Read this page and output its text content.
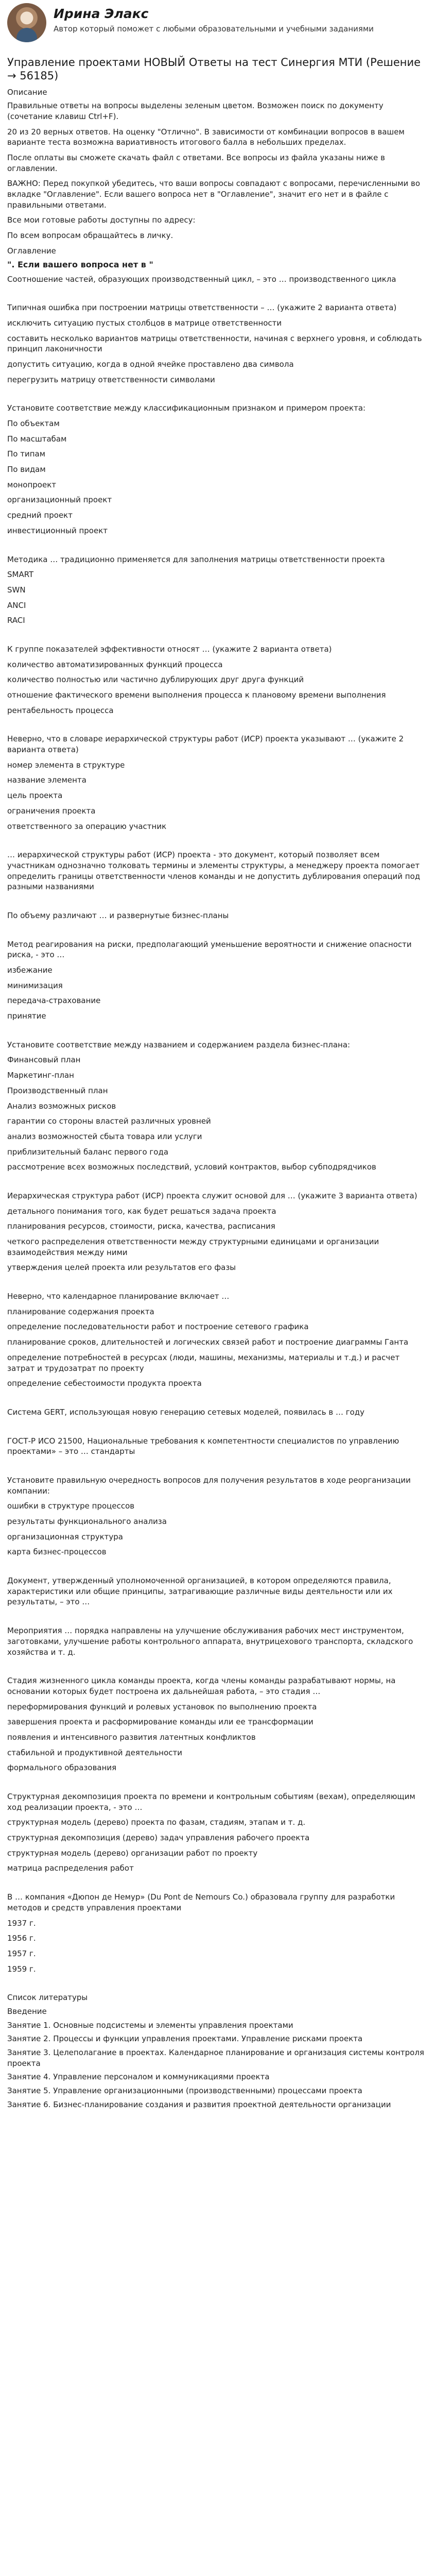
Ирина Элакс
Автор который поможет с любыми образовательными и учебными заданиями
Управление проектами НОВЫЙ Ответы на тест Синергия МТИ (Решение → 56185)
Описание

Правильные ответы на вопросы выделены зеленым цветом. Возможен поиск по документу (сочетание клавиш Ctrl+F).

20 из 20 верных ответов. На оценку "Отлично". В зависимости от комбинации вопросов в вашем варианте теста возможна вариативность итогового балла в небольших пределах.

После оплаты вы сможете скачать файл с ответами. Все вопросы из файла указаны ниже в оглавлении.

ВАЖНО: Перед покупкой убедитесь, что ваши вопросы совпадают с вопросами, перечисленными во вкладке "Оглавление". Если вашего вопроса нет в "Оглавление", значит его нет и в файле с правильными ответами.

Все мои готовые работы доступны по адресу:

По всем вопросам обращайтесь в личку.

Оглавление
". Если вашего вопроса нет в "
Соотношение частей, образующих производственный цикл, – это … производственного цикла
Типичная ошибка при построении матрицы ответственности – … (укажите 2 варианта ответа)
исключить ситуацию пустых столбцов в матрице ответственности
составить несколько вариантов матрицы ответственности, начиная с верхнего уровня, и соблюдать принцип лаконичности
допустить ситуацию, когда в одной ячейке проставлено два символа
перегрузить матрицу ответственности символами
Установите соответствие между классификационным признаком и примером проекта:
По объектам
По масштабам
По типам
По видам
монопроект
организационный проект
средний проект
инвестиционный проект
Методика … традиционно применяется для заполнения матрицы ответственности проекта
SMART
SWN
ANCI
RACI
К группе показателей эффективности относят … (укажите 2 варианта ответа)
количество автоматизированных функций процесса
количество полностью или частично дублирующих друг друга функций
отношение фактического времени выполнения процесса к плановому времени выполнения
рентабельность процесса
Неверно, что в словаре иерархической структуры работ (ИСР) проекта указывают … (укажите 2 варианта ответа)
номер элемента в структуре
название элемента
цель проекта
ограничения проекта
ответственного за операцию участник
… иерархической структуры работ (ИСР) проекта - это документ, который позволяет всем участникам однозначно толковать термины и элементы структуры, а менеджеру проекта помогает определить границы ответственности членов команды и не допустить дублирования операций под разными названиями
По объему различают … и развернутые бизнес-планы
Метод реагирования на риски, предполагающий уменьшение вероятности и снижение опасности риска, - это …
избежание
минимизация
передача-страхование
принятие
Установите соответствие между названием и содержанием раздела бизнес-плана:
Финансовый план
Маркетинг-план
Производственный план
Анализ возможных рисков
гарантии со стороны властей различных уровней
анализ возможностей сбыта товара или услуги
приблизительный баланс первого года
рассмотрение всех возможных последствий, условий контрактов, выбор субподрядчиков
Иерархическая структура работ (ИСР) проекта служит основой для … (укажите 3 варианта ответа)
детального понимания того, как будет решаться задача проекта
планирования ресурсов, стоимости, риска, качества, расписания
четкого распределения ответственности между структурными единицами и организации взаимодействия между ними
утверждения целей проекта или результатов его фазы
Неверно, что календарное планирование включает …
планирование содержания проекта
определение последовательности работ и построение сетевого графика
планирование сроков, длительностей и логических связей работ и построение диаграммы Ганта
определение потребностей в ресурсах (люди, машины, механизмы, материалы и т.д.) и расчет затрат и трудозатрат по проекту
определение себестоимости продукта проекта
Система GERT, использующая новую генерацию сетевых моделей, появилась в … году
ГОСТ-Р ИСО 21500, Национальные требования к компетентности специалистов по управлению проектами» – это … стандарты
Установите правильную очередность вопросов для получения результатов в ходе реорганизации компании:
ошибки в структуре процессов
результаты функционального анализа
организационная структура
карта бизнес-процессов
Документ, утвержденный уполномоченной организацией, в котором определяются правила, характеристики или общие принципы, затрагивающие различные виды деятельности или их результаты, – это …
Мероприятия … порядка направлены на улучшение обслуживания рабочих мест инструментом, заготовками, улучшение работы контрольного аппарата, внутрицехового транспорта, складского хозяйства и т. д.
Стадия жизненного цикла команды проекта, когда члены команды разрабатывают нормы, на основании которых будет построена их дальнейшая работа, – это стадия …
переформирования функций и ролевых установок по выполнению проекта
завершения проекта и расформирование команды или ее трансформации
появления и интенсивного развития латентных конфликтов
стабильной и продуктивной деятельности
формального образования
Структурная декомпозиция проекта по времени и контрольным событиям (вехам), определяющим ход реализации проекта, - это …
структурная модель (дерево) проекта по фазам, стадиям, этапам и т. д.
структурная декомпозиция (дерево) задач управления рабочего проекта
структурная модель (дерево) организации работ по проекту
матрица распределения работ
В … компания «Дюпон де Немур» (Du Pont de Nemours Co.) образовала группу для разработки методов и средств управления проектами
1937 г.
1956 г.
1957 г.
1959 г.
Список литературы
Введение
Занятие 1. Основные подсистемы и элементы управления проектами
Занятие 2. Процессы и функции управления проектами. Управление рисками проекта
Занятие 3. Целеполагание в проектах. Календарное планирование и организация системы контроля проекта
Занятие 4. Управление персоналом и коммуникациями проекта
Занятие 5. Управление организационными (производственными) процессами проекта
Занятие 6. Бизнес-планирование создания и развития проектной деятельности организации
